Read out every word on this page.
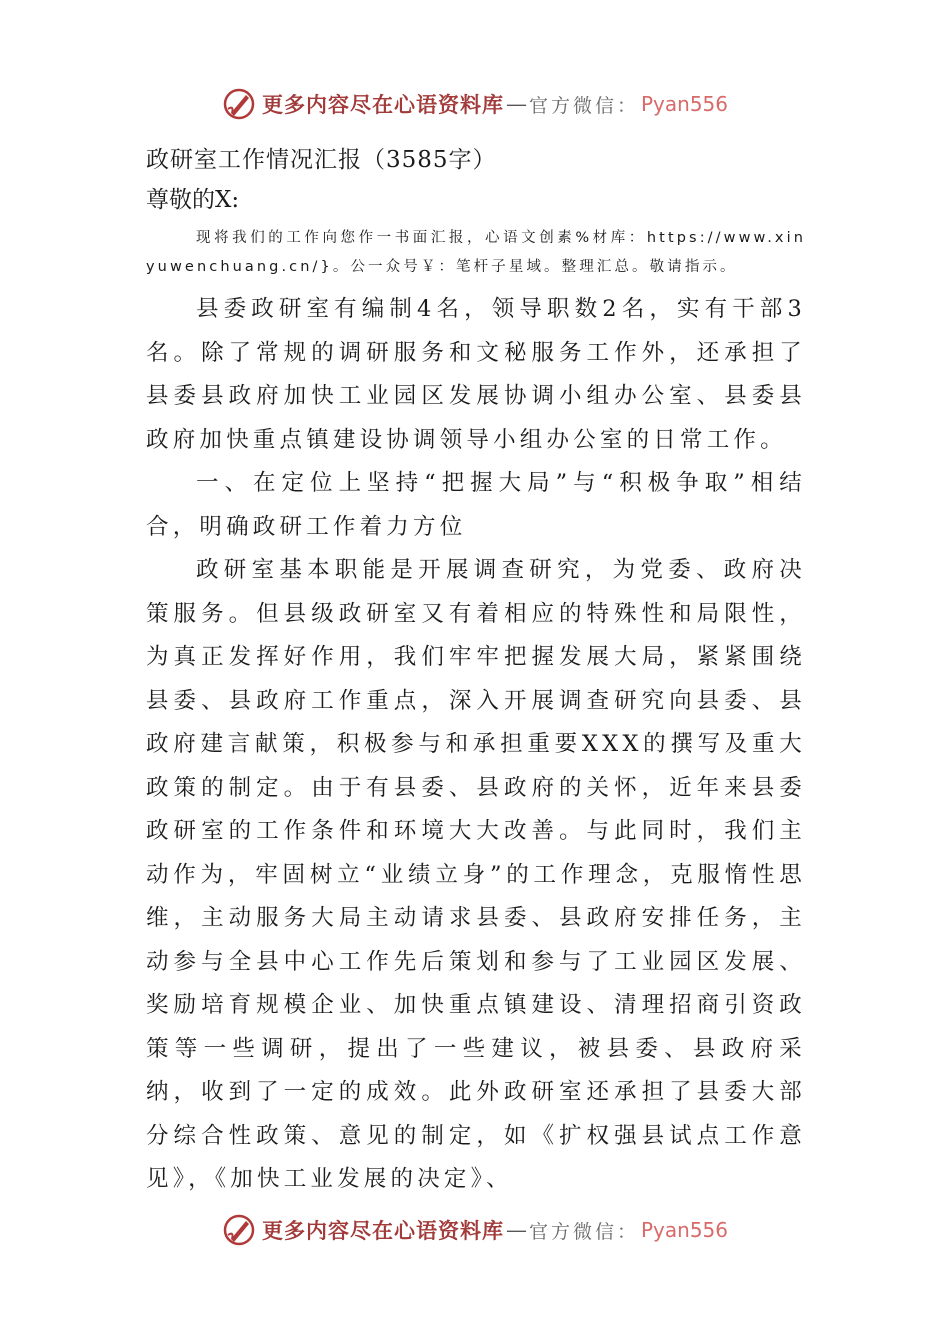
更多内容尽在心语资料库 — 官方微信： Pyan556

政研室工作情况汇报（3585字）

尊敬的X:

现将我们的工作向您作一书面汇报，心语文创素%材库：https://www.xinyuwenchuang.cn/}。公一众号￥：笔杆子星域。整理汇总。敬请指示。

县委政研室有编制4名，领导职数2名，实有干部3名。除了常规的调研服务和文秘服务工作外，还承担了县委县政府加快工业园区发展协调小组办公室、县委县政府加快重点镇建设协调领导小组办公室的日常工作。

一、在定位上坚持“把握大局”与“积极争取”相结合，明确政研工作着力方位

政研室基本职能是开展调查研究，为党委、政府决策服务。但县级政研室又有着相应的特殊性和局限性，为真正发挥好作用，我们牢牢把握发展大局，紧紧围绕县委、县政府工作重点，深入开展调查研究向县委、县政府建言献策，积极参与和承担重要XXX的撰写及重大政策的制定。由于有县委、县政府的关怀，近年来县委政研室的工作条件和环境大大改善。与此同时，我们主动作为，牢固树立“业绩立身”的工作理念，克服惰性思维，主动服务大局主动请求县委、县政府安排任务，主动参与全县中心工作先后策划和参与了工业园区发展、奖励培育规模企业、加快重点镇建设、清理招商引资政策等一些调研，提出了一些建议，被县委、县政府采纳，收到了一定的成效。此外政研室还承担了县委大部分综合性政策、意见的制定，如《扩权强县试点工作意见》，《加快工业发展的决定》、

更多内容尽在心语资料库 — 官方微信： Pyan556
